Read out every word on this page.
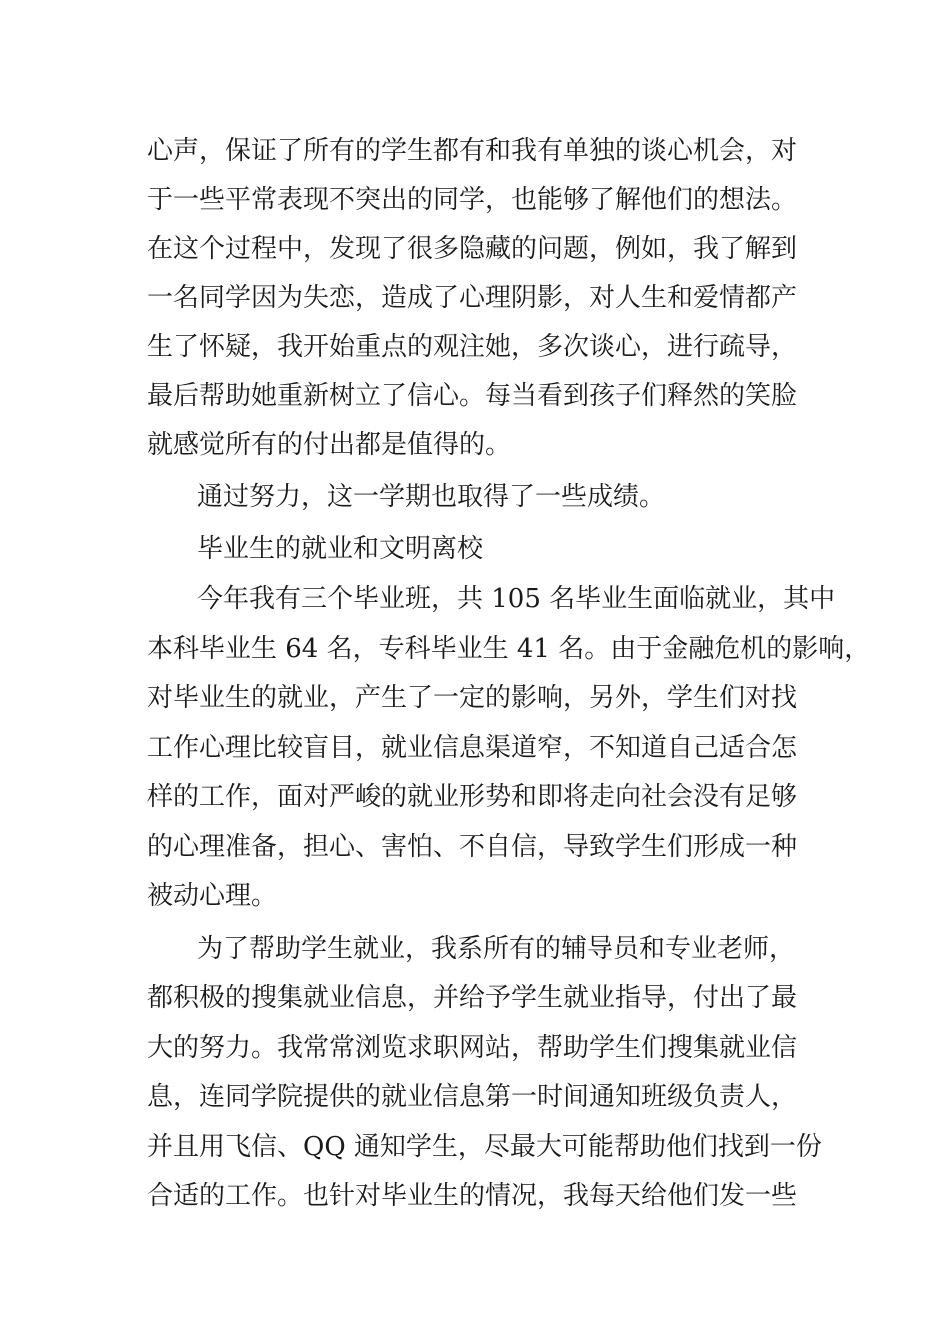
心声，保证了所有的学生都有和我有单独的谈心机会，对
于一些平常表现不突出的同学，也能够了解他们的想法。
在这个过程中，发现了很多隐藏的问题，例如，我了解到
一名同学因为失恋，造成了心理阴影，对人生和爱情都产
生了怀疑，我开始重点的观注她，多次谈心，进行疏导，
最后帮助她重新树立了信心。每当看到孩子们释然的笑脸
就感觉所有的付出都是值得的。
通过努力，这一学期也取得了一些成绩。
毕业生的就业和文明离校
今年我有三个毕业班，共 105 名毕业生面临就业，其中
本科毕业生 64 名，专科毕业生 41 名。由于金融危机的影响，
对毕业生的就业，产生了一定的影响，另外，学生们对找
工作心理比较盲目，就业信息渠道窄，不知道自己适合怎
样的工作，面对严峻的就业形势和即将走向社会没有足够
的心理准备，担心、害怕、不自信，导致学生们形成一种
被动心理。
为了帮助学生就业，我系所有的辅导员和专业老师，
都积极的搜集就业信息，并给予学生就业指导，付出了最
大的努力。我常常浏览求职网站，帮助学生们搜集就业信
息，连同学院提供的就业信息第一时间通知班级负责人，
并且用飞信、QQ 通知学生，尽最大可能帮助他们找到一份
合适的工作。也针对毕业生的情况，我每天给他们发一些
